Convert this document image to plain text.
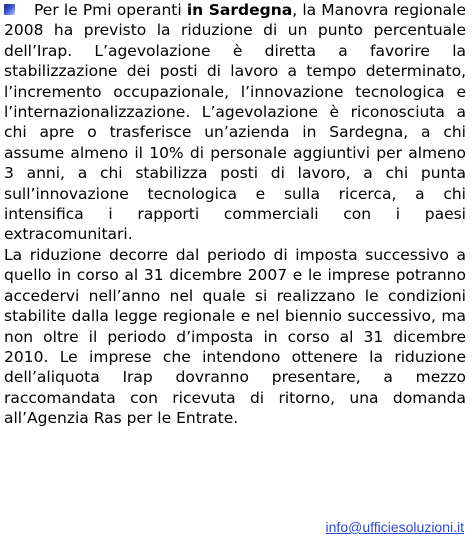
Per le Pmi operanti in Sardegna, la Manovra regionale 2008 ha previsto la riduzione di un punto percentuale dell’Irap. L’agevolazione è diretta a favorire la stabilizzazione dei posti di lavoro a tempo determinato, l’incremento occupazionale, l’innovazione tecnologica e l’internazionalizzazione. L’agevolazione è riconosciuta a chi apre o trasferisce un’azienda in Sardegna, a chi assume almeno il 10% di personale aggiuntivi per almeno 3 anni, a chi stabilizza posti di lavoro, a chi punta sull’innovazione tecnologica e sulla ricerca, a chi intensifica i rapporti commerciali con i paesi extracomunitari.

La riduzione decorre dal periodo di imposta successivo a quello in corso al 31 dicembre 2007 e le imprese potranno accedervi nell’anno nel quale si realizzano le condizioni stabilite dalla legge regionale e nel biennio successivo, ma non oltre il periodo d’imposta in corso al 31 dicembre 2010. Le imprese che intendono ottenere la riduzione dell’aliquota Irap dovranno presentare, a mezzo raccomandata con ricevuta di ritorno, una domanda all’Agenzia Ras per le Entrate.

info@ufficiesoluzioni.it
